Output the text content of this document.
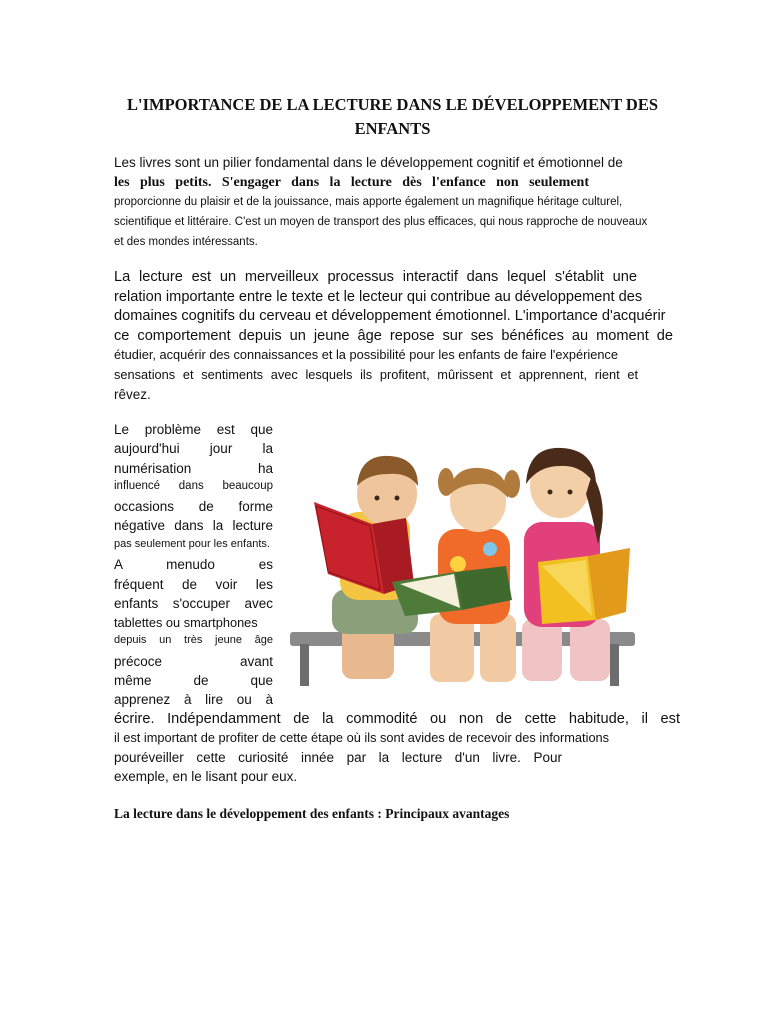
L'IMPORTANCE DE LA LECTURE DANS LE DÉVELOPPEMENT DES ENFANTS

Les livres sont un pilier fondamental dans le développement cognitif et émotionnel de

les plus petits. S'engager dans la lecture dès l'enfance non seulement

proporcionne du plaisir et de la jouissance, mais apporte également un magnifique héritage culturel,

scientifique et littéraire. C'est un moyen de transport des plus efficaces, qui nous rapproche de nouveaux

et des mondes intéressants.

La lecture est un merveilleux processus interactif dans lequel s'établit une

relation importante entre le texte et le lecteur qui contribue au développement des

domaines cognitifs du cerveau et développement émotionnel. L'importance d'acquérir

ce comportement depuis un jeune âge repose sur ses bénéfices au moment de

étudier, acquérir des connaissances et la possibilité pour les enfants de faire l'expérience

sensations et sentiments avec lesquels ils profitent, mûrissent et apprennent, rient et

rêvez.

Le problème est que

aujourd'hui jour la

numérisation ha

influencé dans beaucoup

occasions de forme

négative dans la lecture

pas seulement pour les enfants.

A menudo es

fréquent de voir les

enfants s'occuper avec

tablettes ou smartphones

depuis un très jeune âge

précoce avant

même de que

apprenez à lire ou à

écrire. Indépendamment de la commodité ou non de cette habitude, il est

il est important de profiter de cette étape où ils sont avides de recevoir des informations

pouréveiller cette curiosité innée par la lecture d'un livre. Pour

exemple, en le lisant pour eux.

La lecture dans le développement des enfants : Principaux avantages
